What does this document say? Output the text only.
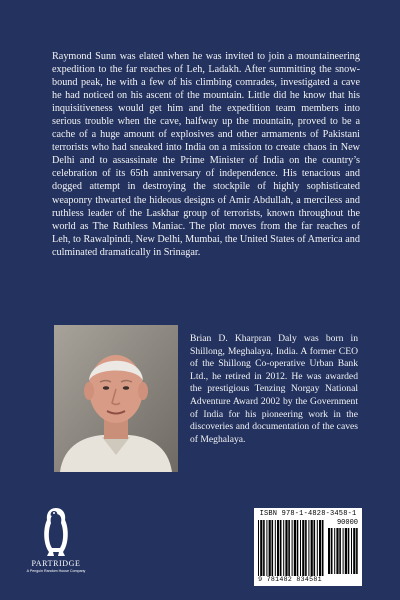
Raymond Sunn was elated when he was invited to join a mountaineering expedition to the far reaches of Leh, Ladakh. After summitting the snow-bound peak, he with a few of his climbing comrades, investigated a cave he had noticed on his ascent of the mountain. Little did he know that his inquisitiveness would get him and the expedition team members into serious trouble when the cave, halfway up the mountain, proved to be a cache of a huge amount of explosives and other armaments of Pakistani terrorists who had sneaked into India on a mission to create chaos in New Delhi and to assassinate the Prime Minister of India on the country’s celebration of its 65th anniversary of independence. His tenacious and dogged attempt in destroying the stockpile of highly sophisticated weaponry thwarted the hideous designs of Amir Abdullah, a merciless and ruthless leader of the Laskhar group of terrorists, known throughout the world as The Ruthless Maniac. The plot moves from the far reaches of Leh, to Rawalpindi, New Delhi, Mumbai, the United States of America and culminated dramatically in Srinagar.

Brian D. Kharpran Daly was born in Shillong, Meghalaya, India. A former CEO of the Shillong Co-operative Urban Bank Ltd., he retired in 2012. He was awarded the prestigious Tenzing Norgay National Adventure Award 2002 by the Government of India for his pioneering work in the discoveries and documentation of the caves of Meghalaya.

PARTRIDGE
A Penguin Random House Company
ISBN 978-1-4828-3458-1
90000
9 781482 834581
